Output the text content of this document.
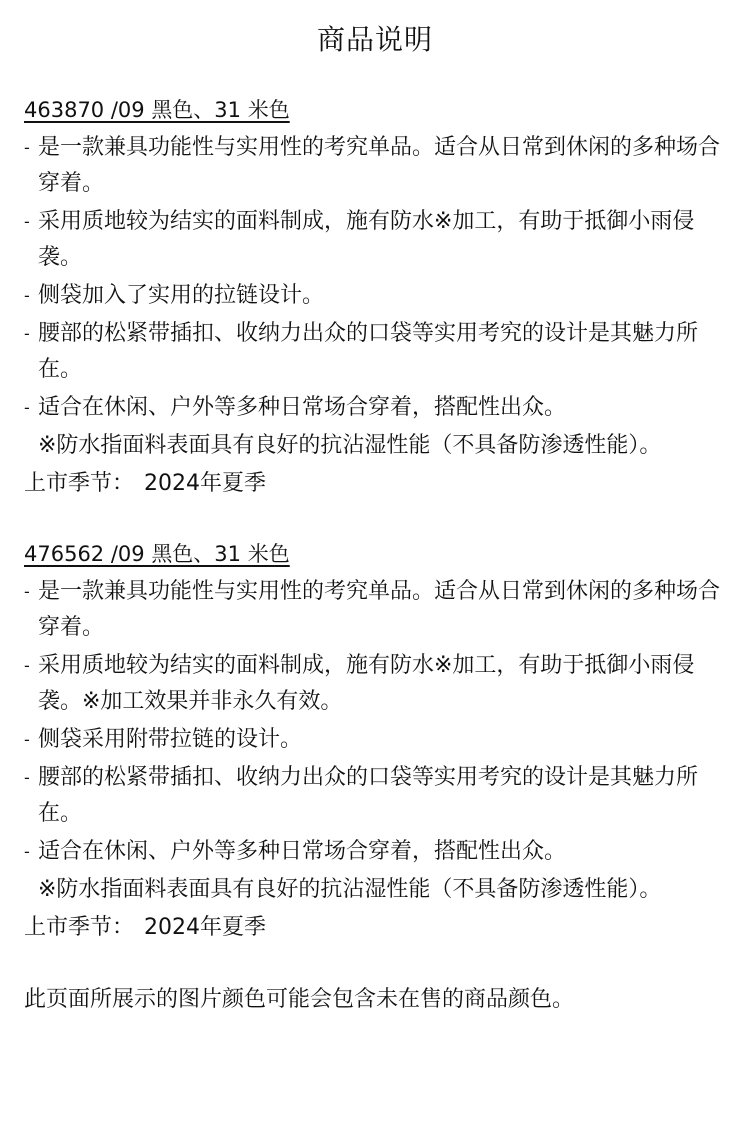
商品说明
463870 /09 黑色、31 米色
- 是一款兼具功能性与实用性的考究单品。适合从日常到休闲的多种场合穿着。
- 采用质地较为结实的面料制成，施有防水※加工，有助于抵御小雨侵袭。
- 侧袋加入了实用的拉链设计。
- 腰部的松紧带插扣、收纳力出众的口袋等实用考究的设计是其魅力所在。
- 适合在休闲、户外等多种日常场合穿着，搭配性出众。
※防水指面料表面具有良好的抗沾湿性能（不具备防渗透性能）。
上市季节： 2024年夏季
476562 /09 黑色、31 米色
- 是一款兼具功能性与实用性的考究单品。适合从日常到休闲的多种场合穿着。
- 采用质地较为结实的面料制成，施有防水※加工，有助于抵御小雨侵袭。※加工效果并非永久有效。
- 侧袋采用附带拉链的设计。
- 腰部的松紧带插扣、收纳力出众的口袋等实用考究的设计是其魅力所在。
- 适合在休闲、户外等多种日常场合穿着，搭配性出众。
※防水指面料表面具有良好的抗沾湿性能（不具备防渗透性能）。
上市季节： 2024年夏季
此页面所展示的图片颜色可能会包含未在售的商品颜色。
